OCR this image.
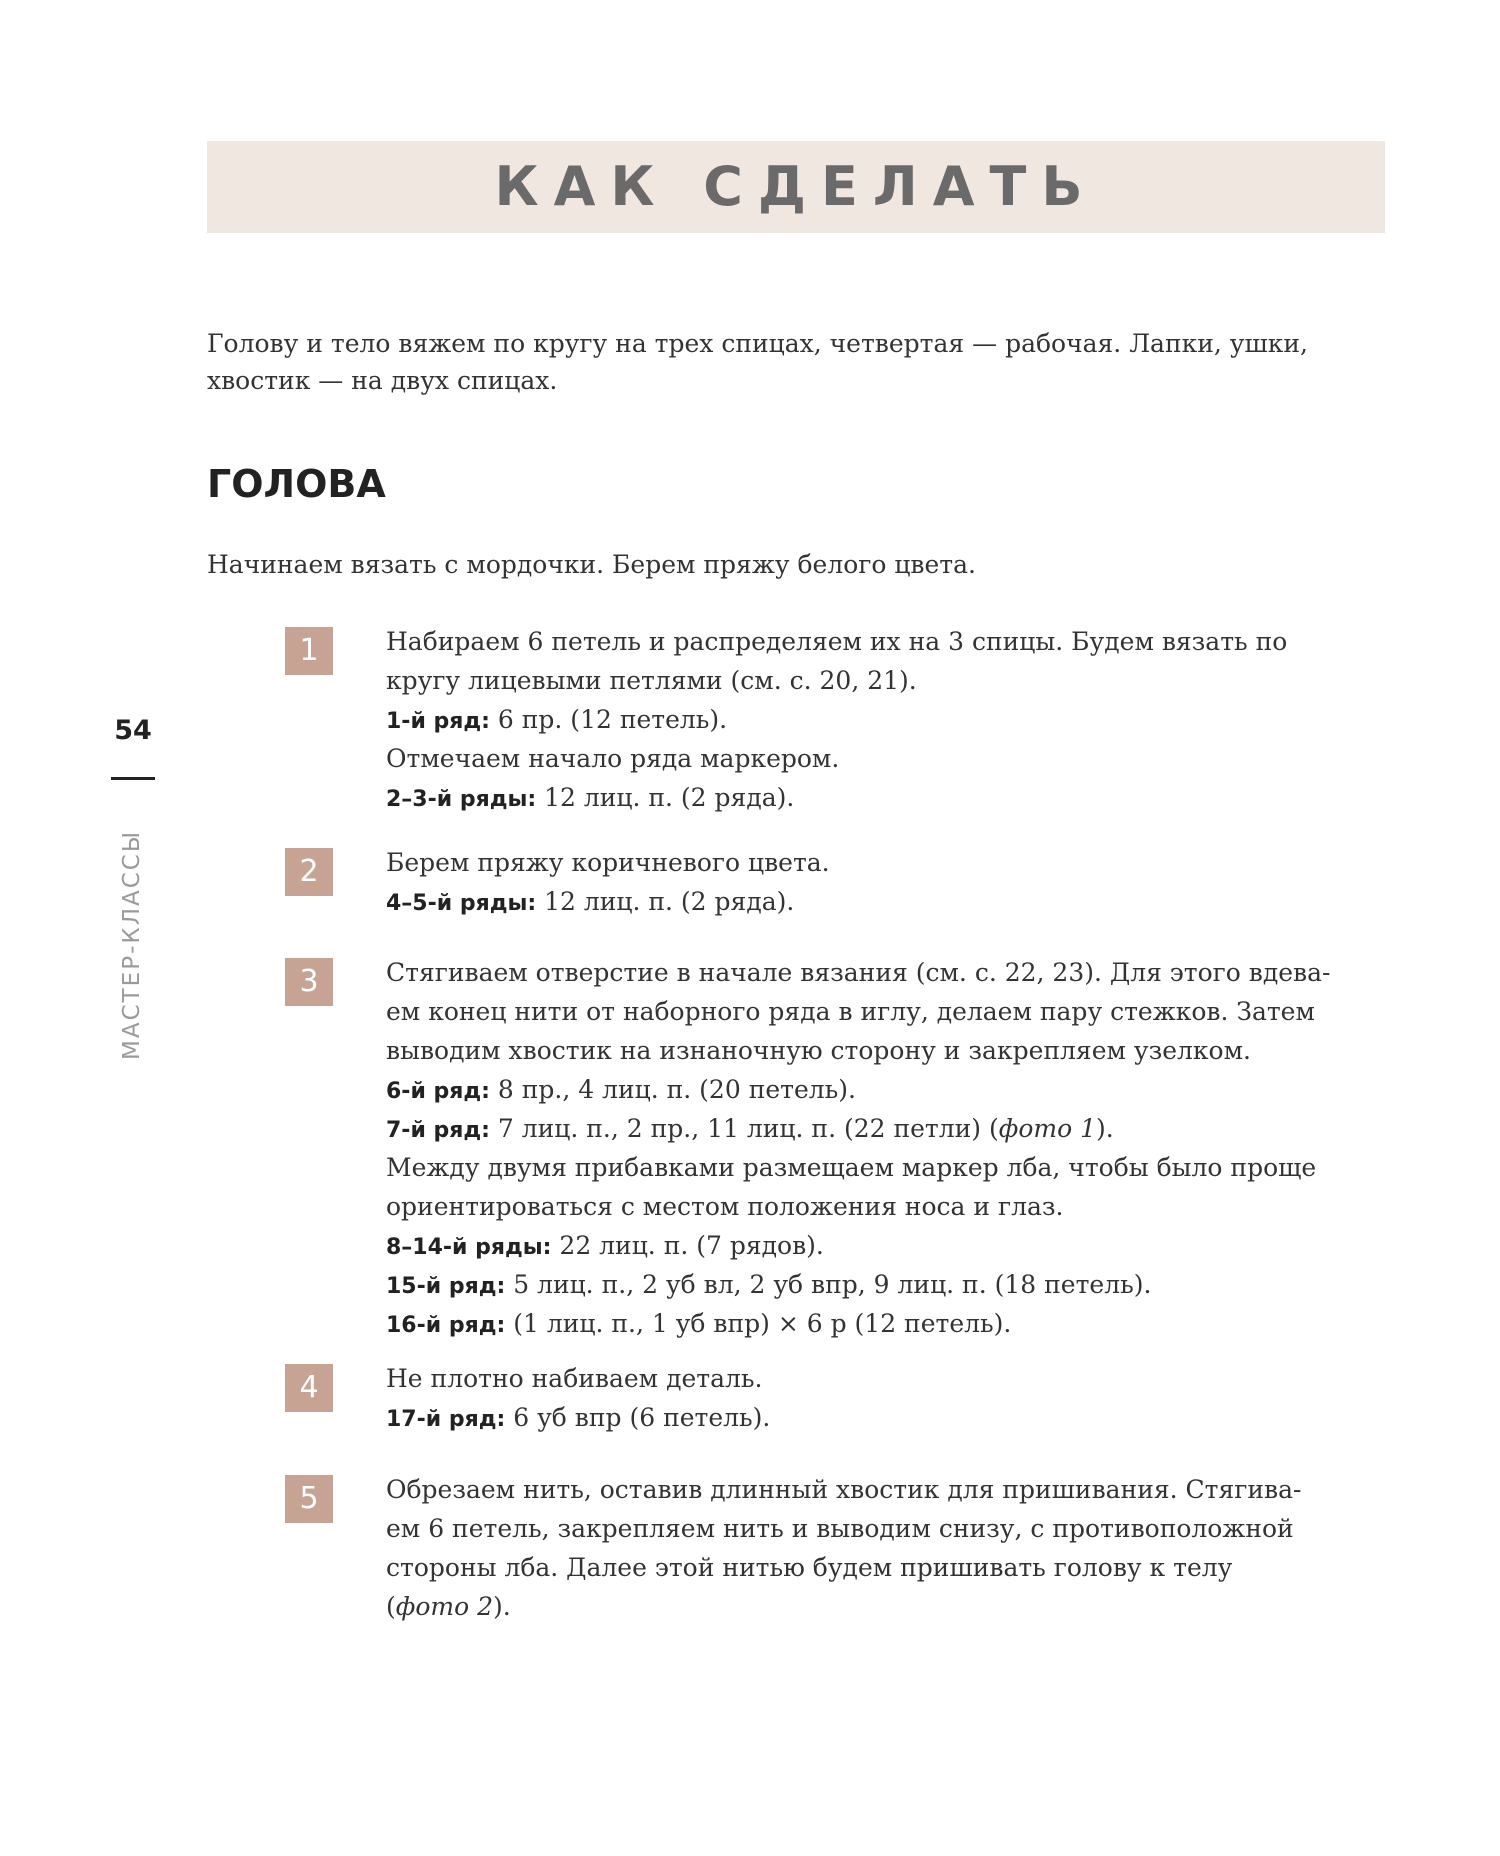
КАК СДЕЛАТЬ
54
МАСТЕР-КЛАССЫ
Голову и тело вяжем по кругу на трех спицах, четвертая — рабочая. Лапки, ушки,
хвостик — на двух спицах.
ГОЛОВА

Начинаем вязать с мордочки. Берем пряжу белого цвета.

1	Набираем 6 петель и распределяем их на 3 спицы. Будем вязать по
кругу лицевыми петлями (см. с. 20, 21).
1-й ряд: 6 пр. (12 петель).
Отмечаем начало ряда маркером.
2–3-й ряды: 12 лиц. п. (2 ряда).
2	Берем пряжу коричневого цвета.
4–5-й ряды: 12 лиц. п. (2 ряда).
3	Стягиваем отверстие в начале вязания (см. с. 22, 23). Для этого вдева-
ем конец нити от наборного ряда в иглу, делаем пару стежков. Затем
выводим хвостик на изнаночную сторону и закрепляем узелком.
6-й ряд: 8 пр., 4 лиц. п. (20 петель).
7-й ряд: 7 лиц. п., 2 пр., 11 лиц. п. (22 петли) (фото 1).
Между двумя прибавками размещаем маркер лба, чтобы было проще
ориентироваться с местом положения носа и глаз.
8–14-й ряды: 22 лиц. п. (7 рядов).
15-й ряд: 5 лиц. п., 2 уб вл, 2 уб впр, 9 лиц. п. (18 петель).
16-й ряд: (1 лиц. п., 1 уб впр) × 6 р (12 петель).
4	Не плотно набиваем деталь.
17-й ряд: 6 уб впр (6 петель).
5	Обрезаем нить, оставив длинный хвостик для пришивания. Стягива-
ем 6 петель, закрепляем нить и выводим снизу, с противоположной
стороны лба. Далее этой нитью будем пришивать голову к телу
(фото 2).
